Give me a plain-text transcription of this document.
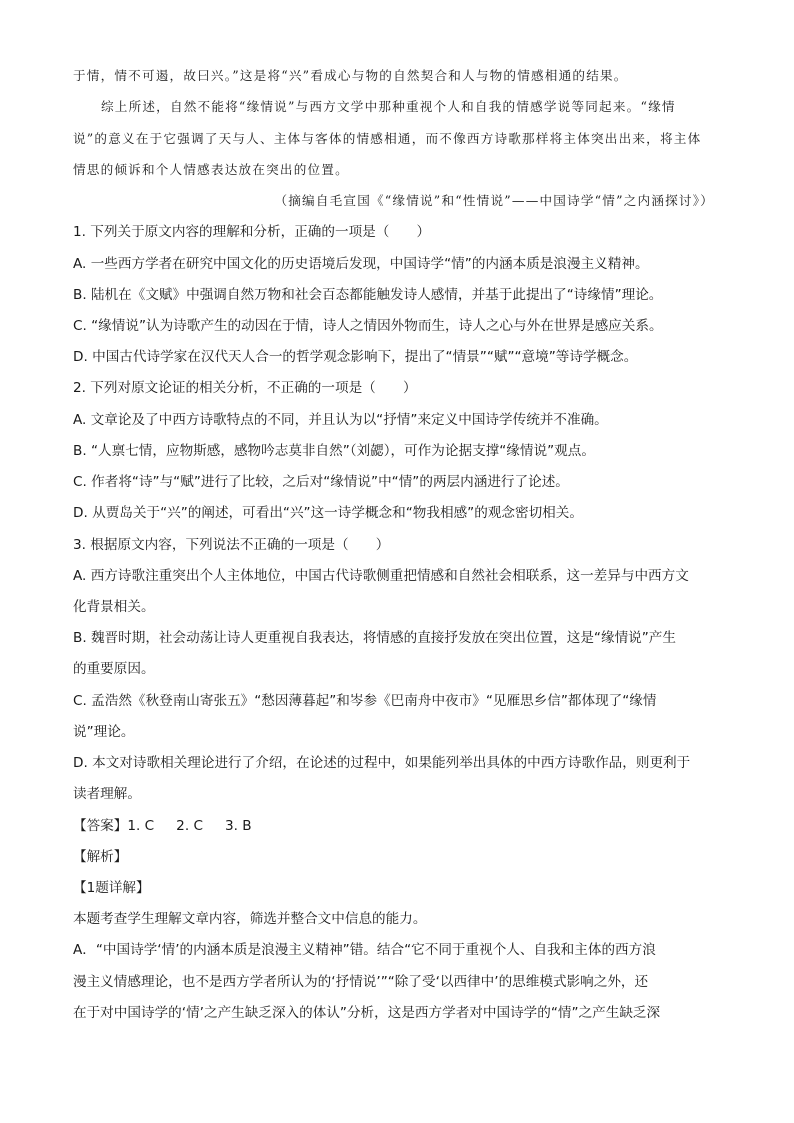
于情，情不可遏，故曰兴。”这是将“兴”看成心与物的自然契合和人与物的情感相通的结果。
综上所述，自然不能将“缘情说”与西方文学中那种重视个人和自我的情感学说等同起来。“缘情
说”的意义在于它强调了天与人、主体与客体的情感相通，而不像西方诗歌那样将主体突出出来，将主体
情思的倾诉和个人情感表达放在突出的位置。
（摘编自毛宣国《“缘情说”和“性情说”——中国诗学“情”之内涵探讨》）
1. 下列关于原文内容的理解和分析，正确的一项是（　　）
A. 一些西方学者在研究中国文化的历史语境后发现，中国诗学“情”的内涵本质是浪漫主义精神。
B. 陆机在《文赋》中强调自然万物和社会百态都能触发诗人感情，并基于此提出了“诗缘情”理论。
C. “缘情说”认为诗歌产生的动因在于情，诗人之情因外物而生，诗人之心与外在世界是感应关系。
D. 中国古代诗学家在汉代天人合一的哲学观念影响下，提出了“情景”“赋”“意境”等诗学概念。
2. 下列对原文论证的相关分析，不正确的一项是（　　）
A. 文章论及了中西方诗歌特点的不同，并且认为以“抒情”来定义中国诗学传统并不准确。
B. “人禀七情，应物斯感，感物吟志莫非自然”（刘勰），可作为论据支撑“缘情说”观点。
C. 作者将“诗”与“赋”进行了比较，之后对“缘情说”中“情”的两层内涵进行了论述。
D. 从贾岛关于“兴”的阐述，可看出“兴”这一诗学概念和“物我相感”的观念密切相关。
3. 根据原文内容，下列说法不正确的一项是（　　）
A. 西方诗歌注重突出个人主体地位，中国古代诗歌侧重把情感和自然社会相联系，这一差异与中西方文
化背景相关。
B. 魏晋时期，社会动荡让诗人更重视自我表达，将情感的直接抒发放在突出位置，这是“缘情说”产生
的重要原因。
C. 孟浩然《秋登南山寄张五》“愁因薄暮起”和岑参《巴南舟中夜市》“见雁思乡信”都体现了“缘情
说”理论。
D. 本文对诗歌相关理论进行了介绍，在论述的过程中，如果能列举出具体的中西方诗歌作品，则更利于
读者理解。
【答案】1. C 2. C 3. B
【解析】
【1题详解】
本题考查学生理解文章内容，筛选并整合文中信息的能力。
A．“中国诗学‘情’的内涵本质是浪漫主义精神”错。结合“它不同于重视个人、自我和主体的西方浪
漫主义情感理论，也不是西方学者所认为的‘抒情说’”“除了受‘以西律中’的思维模式影响之外，还
在于对中国诗学的‘情’之产生缺乏深入的体认”分析，这是西方学者对中国诗学的“情”之产生缺乏深
